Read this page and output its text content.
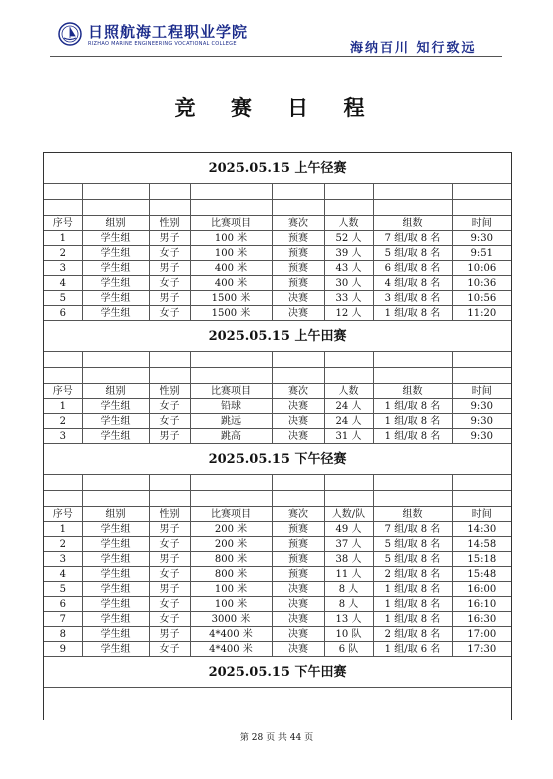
日照航海工程职业学院
RIZHAO MARINE ENGINEERING VOCATIONAL COLLEGE	海纳百川 知行致远
竞 赛 日 程
2025.05.15 上午径赛							

序号	组别	性别	比赛项目	赛次	人数	组数	时间
1	学生组	男子	100 米	预赛	52 人	7 组/取 8 名	9:30
2	学生组	女子	100 米	预赛	39 人	5 组/取 8 名	9:51
3	学生组	男子	400 米	预赛	43 人	6 组/取 8 名	10:06
4	学生组	女子	400 米	预赛	30 人	4 组/取 8 名	10:36
5	学生组	男子	1500 米	决赛	33 人	3 组/取 8 名	10:56
6	学生组	女子	1500 米	决赛	12 人	1 组/取 8 名	11:20
2025.05.15 上午田赛							

序号	组别	性别	比赛项目	赛次	人数	组数	时间
1	学生组	女子	铅球	决赛	24 人	1 组/取 8 名	9:30
2	学生组	女子	跳远	决赛	24 人	1 组/取 8 名	9:30
3	学生组	男子	跳高	决赛	31 人	1 组/取 8 名	9:30
2025.05.15 下午径赛							

序号	组别	性别	比赛项目	赛次	人数/队	组数	时间
1	学生组	男子	200 米	预赛	49 人	7 组/取 8 名	14:30
2	学生组	女子	200 米	预赛	37 人	5 组/取 8 名	14:58
3	学生组	男子	800 米	预赛	38 人	5 组/取 8 名	15:18
4	学生组	女子	800 米	预赛	11 人	2 组/取 8 名	15:48
5	学生组	男子	100 米	决赛	8 人	1 组/取 8 名	16:00
6	学生组	女子	100 米	决赛	8 人	1 组/取 8 名	16:10
7	学生组	女子	3000 米	决赛	13 人	1 组/取 8 名	16:30
8	学生组	男子	4*400 米	决赛	10 队	2 组/取 8 名	17:00
9	学生组	女子	4*400 米	决赛	6 队	1 组/取 6 名	17:30
2025.05.15 下午田赛							
第 28 页 共 44 页
